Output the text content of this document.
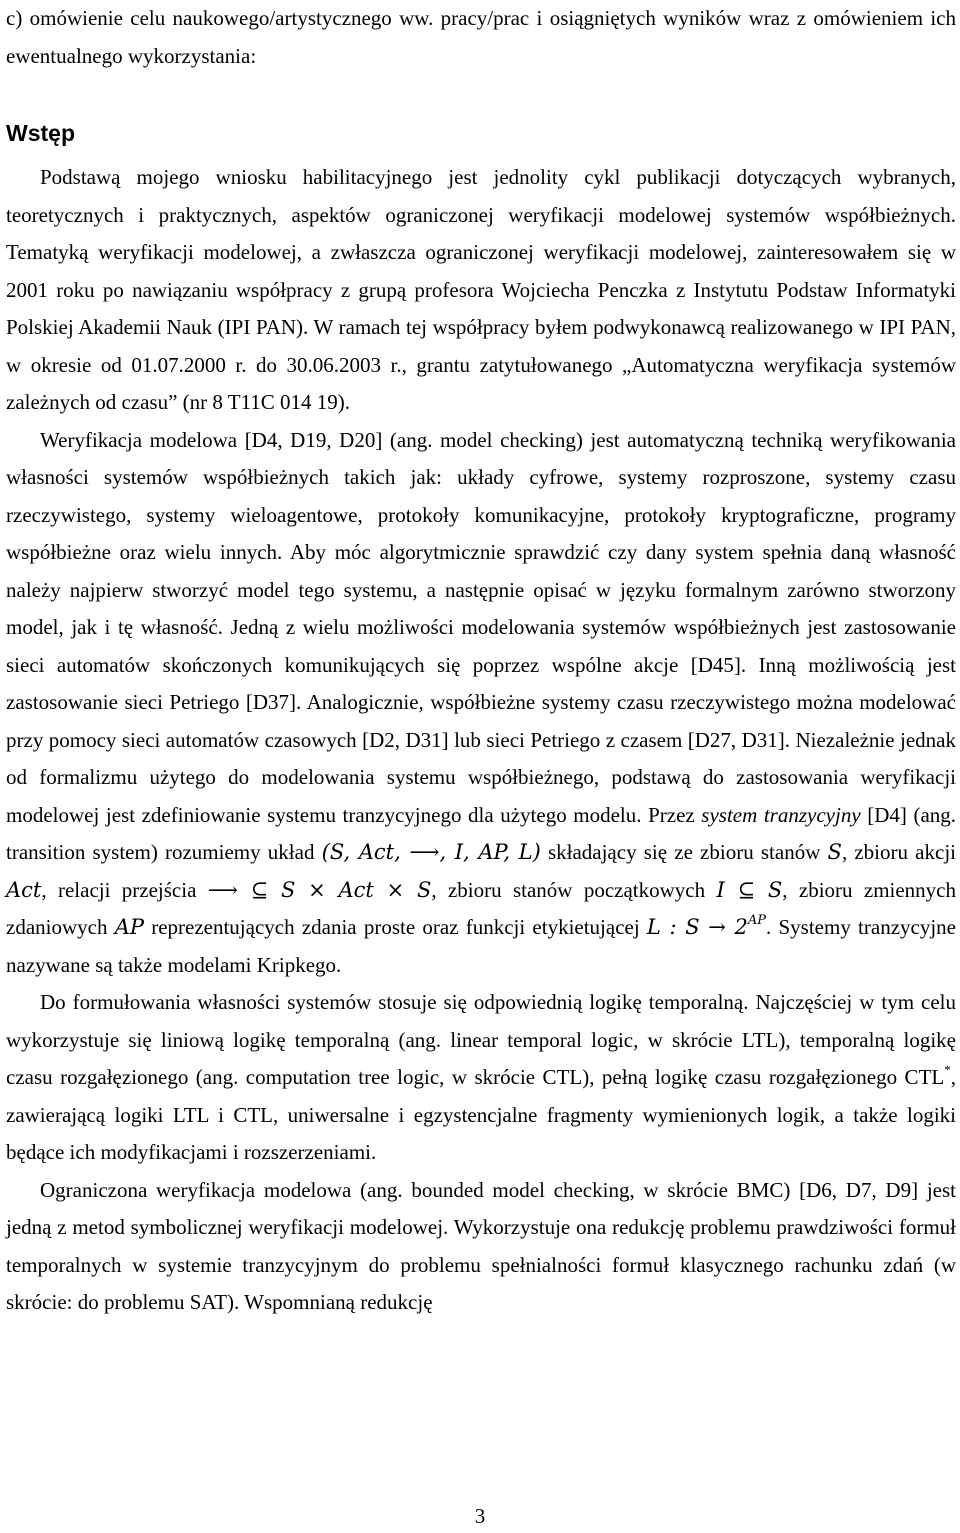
c) omówienie celu naukowego/artystycznego ww. pracy/prac i osiągniętych wyników wraz z omówieniem ich ewentualnego wykorzystania:

Wstęp

Podstawą mojego wniosku habilitacyjnego jest jednolity cykl publikacji dotyczących wybranych, teoretycznych i praktycznych, aspektów ograniczonej weryfikacji modelowej systemów współbieżnych. Tematyką weryfikacji modelowej, a zwłaszcza ograniczonej weryfikacji modelowej, zainteresowałem się w 2001 roku po nawiązaniu współpracy z grupą profesora Wojciecha Penczka z Instytutu Podstaw Informatyki Polskiej Akademii Nauk (IPI PAN). W ramach tej współpracy byłem podwykonawcą realizowanego w IPI PAN, w okresie od 01.07.2000 r. do 30.06.2003 r., grantu zatytułowanego „Automatyczna weryfikacja systemów zależnych od czasu” (nr 8 T11C 014 19).

Weryfikacja modelowa [D4, D19, D20] (ang. model checking) jest automatyczną techniką weryfikowania własności systemów współbieżnych takich jak: układy cyfrowe, systemy rozproszone, systemy czasu rzeczywistego, systemy wieloagentowe, protokoły komunikacyjne, protokoły kryptograficzne, programy współbieżne oraz wielu innych. Aby móc algorytmicznie sprawdzić czy dany system spełnia daną własność należy najpierw stworzyć model tego systemu, a następnie opisać w języku formalnym zarówno stworzony model, jak i tę własność. Jedną z wielu możliwości modelowania systemów współbieżnych jest zastosowanie sieci automatów skończonych komunikujących się poprzez wspólne akcje [D45]. Inną możliwością jest zastosowanie sieci Petriego [D37]. Analogicznie, współbieżne systemy czasu rzeczywistego można modelować przy pomocy sieci automatów czasowych [D2, D31] lub sieci Petriego z czasem [D27, D31]. Niezależnie jednak od formalizmu użytego do modelowania systemu współbieżnego, podstawą do zastosowania weryfikacji modelowej jest zdefiniowanie systemu tranzycyjnego dla użytego modelu. Przez system tranzycyjny [D4] (ang. transition system) rozumiemy układ (S, Act, ⟶, I, AP, L) składający się ze zbioru stanów S, zbioru akcji Act, relacji przejścia ⟶ ⊆ S × Act × S, zbioru stanów początkowych I ⊆ S, zbioru zmiennych zdaniowych AP reprezentujących zdania proste oraz funkcji etykietującej L : $S \to 2^{AP}$. Systemy tranzycyjne nazywane są także modelami Kripkego.

Do formułowania własności systemów stosuje się odpowiednią logikę temporalną. Najczęściej w tym celu wykorzystuje się liniową logikę temporalną (ang. linear temporal logic, w skrócie LTL), temporalną logikę czasu rozgałęzionego (ang. computation tree logic, w skrócie CTL), pełną logikę czasu rozgałęzionego CTL*, zawierającą logiki LTL i CTL, uniwersalne i egzystencjalne fragmenty wymienionych logik, a także logiki będące ich modyfikacjami i rozszerzeniami.

Ograniczona weryfikacja modelowa (ang. bounded model checking, w skrócie BMC) [D6, D7, D9] jest jedną z metod symbolicznej weryfikacji modelowej. Wykorzystuje ona redukcję problemu prawdziwości formuł temporalnych w systemie tranzycyjnym do problemu spełnialności formuł klasycznego rachunku zdań (w skrócie: do problemu SAT). Wspomnianą redukcję

3
